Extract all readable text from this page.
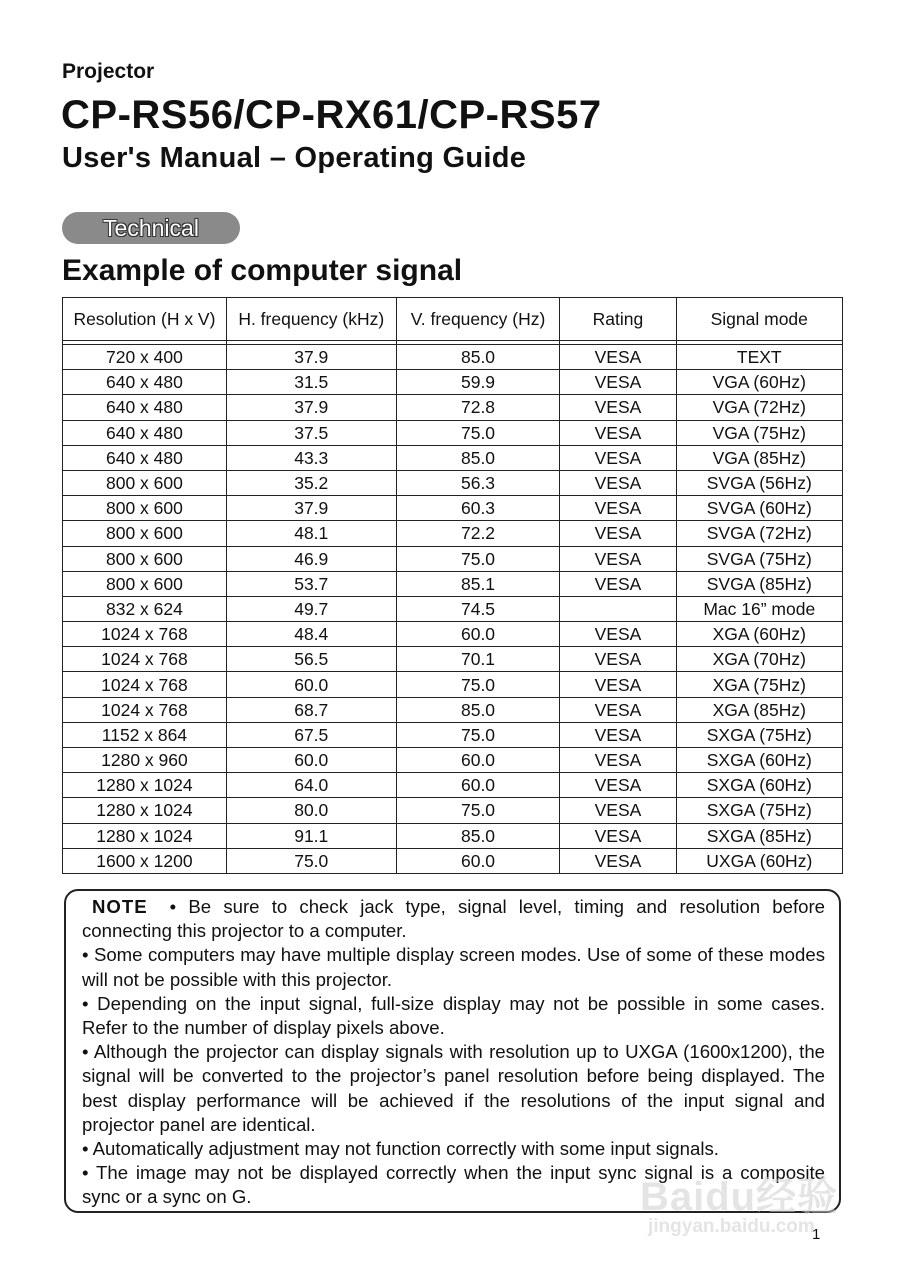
Projector
CP-RS56/CP-RX61/CP-RS57
User's Manual – Operating Guide
Technical
Example of computer signal
Resolution (H x V)	H. frequency (kHz)	V. frequency (Hz)	Rating	Signal mode

720 x 400	37.9	85.0	VESA	TEXT
640 x 480	31.5	59.9	VESA	VGA (60Hz)
640 x 480	37.9	72.8	VESA	VGA (72Hz)
640 x 480	37.5	75.0	VESA	VGA (75Hz)
640 x 480	43.3	85.0	VESA	VGA (85Hz)
800 x 600	35.2	56.3	VESA	SVGA (56Hz)
800 x 600	37.9	60.3	VESA	SVGA (60Hz)
800 x 600	48.1	72.2	VESA	SVGA (72Hz)
800 x 600	46.9	75.0	VESA	SVGA (75Hz)
800 x 600	53.7	85.1	VESA	SVGA (85Hz)
832 x 624	49.7	74.5		Mac 16” mode
1024 x 768	48.4	60.0	VESA	XGA (60Hz)
1024 x 768	56.5	70.1	VESA	XGA (70Hz)
1024 x 768	60.0	75.0	VESA	XGA (75Hz)
1024 x 768	68.7	85.0	VESA	XGA (85Hz)
1152 x 864	67.5	75.0	VESA	SXGA (75Hz)
1280 x 960	60.0	60.0	VESA	SXGA (60Hz)
1280 x 1024	64.0	60.0	VESA	SXGA (60Hz)
1280 x 1024	80.0	75.0	VESA	SXGA (75Hz)
1280 x 1024	91.1	85.0	VESA	SXGA (85Hz)
1600 x 1200	75.0	60.0	VESA	UXGA (60Hz)

NOTE • Be sure to check jack type, signal level, timing and resolution before connecting this projector to a computer.

• Some computers may have multiple display screen modes. Use of some of these modes will not be possible with this projector.

• Depending on the input signal, full-size display may not be possible in some cases. Refer to the number of display pixels above.

• Although the projector can display signals with resolution up to UXGA (1600x1200), the signal will be converted to the projector’s panel resolution before being displayed. The best display performance will be achieved if the resolutions of the input signal and projector panel are identical.

• Automatically adjustment may not function correctly with some input signals.

• The image may not be displayed correctly when the input sync signal is a composite sync or a sync on G.	Baidu经验
jingyan.baidu.com
1
